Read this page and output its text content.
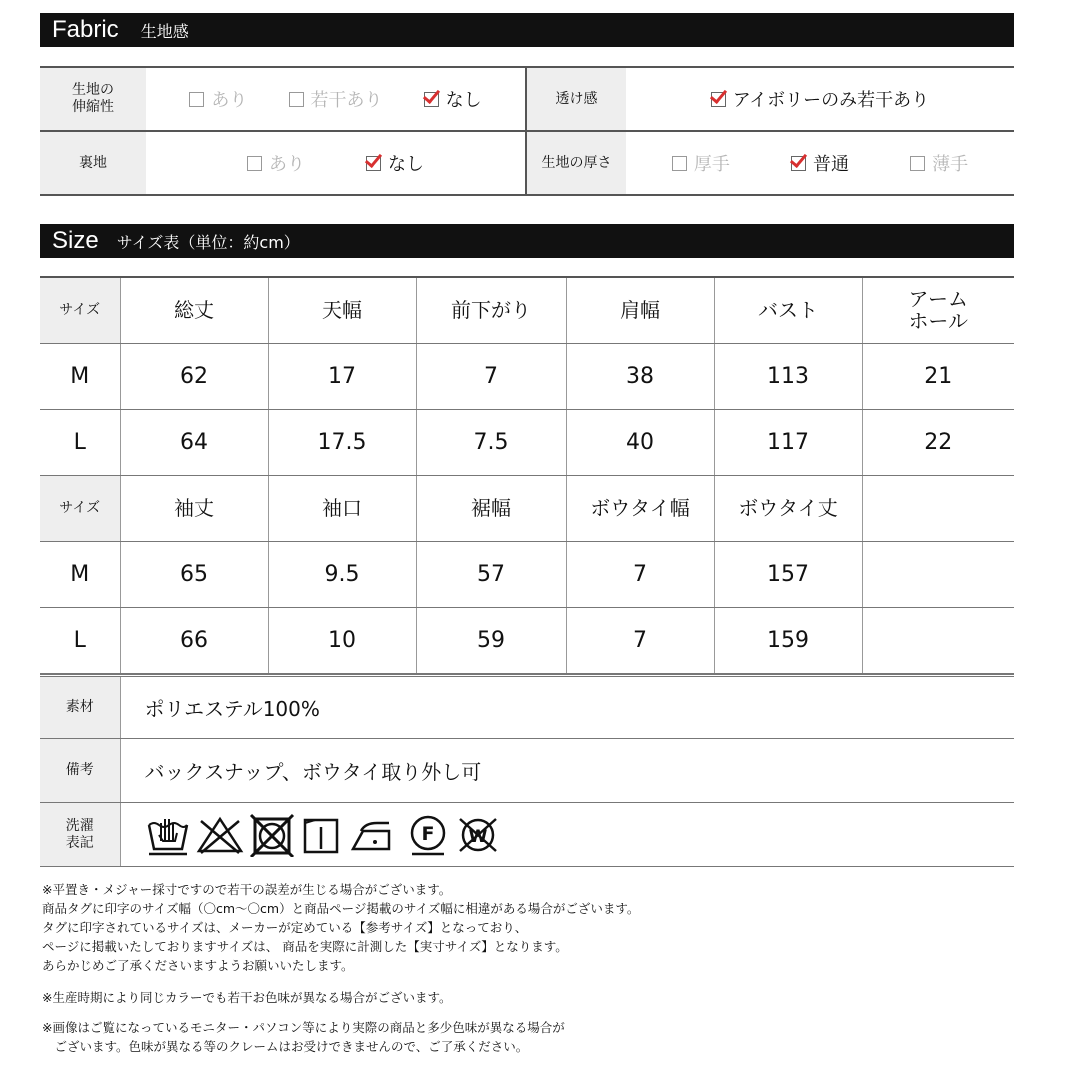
Fabric 生地感
生地の
伸縮性	あり 若干あり なし	透け感	アイボリーのみ若干あり
裏地	あり なし	生地の厚さ	厚手 普通 薄手
Size サイズ表（単位：約cm）
サイズ	総丈	天幅	前下がり	肩幅	バスト	アーム
ホール
M	62	17	7	38	113	21
L	64	17.5	7.5	40	117	22
サイズ	袖丈	袖口	裾幅	ボウタイ幅	ボウタイ丈	
M	65	9.5	57	7	157	
L	66	10	59	7	159	
素材	ポリエステル100%
備考	バックスナップ、ボウタイ取り外し可
洗濯
表記	F W
※平置き・メジャー採寸ですので若干の誤差が生じる場合がございます。
商品タグに印字のサイズ幅（〇cm〜〇cm）と商品ページ掲載のサイズ幅に相違がある場合がございます。
タグに印字されているサイズは、メーカーが定めている【参考サイズ】となっており、
ページに掲載いたしておりますサイズは、 商品を実際に計測した【実寸サイズ】となります。
あらかじめご了承くださいますようお願いいたします。
※生産時期により同じカラーでも若干お色味が異なる場合がございます。
※画像はご覧になっているモニター・パソコン等により実際の商品と多少色味が異なる場合が
　ございます。色味が異なる等のクレームはお受けできませんので、ご了承ください。
